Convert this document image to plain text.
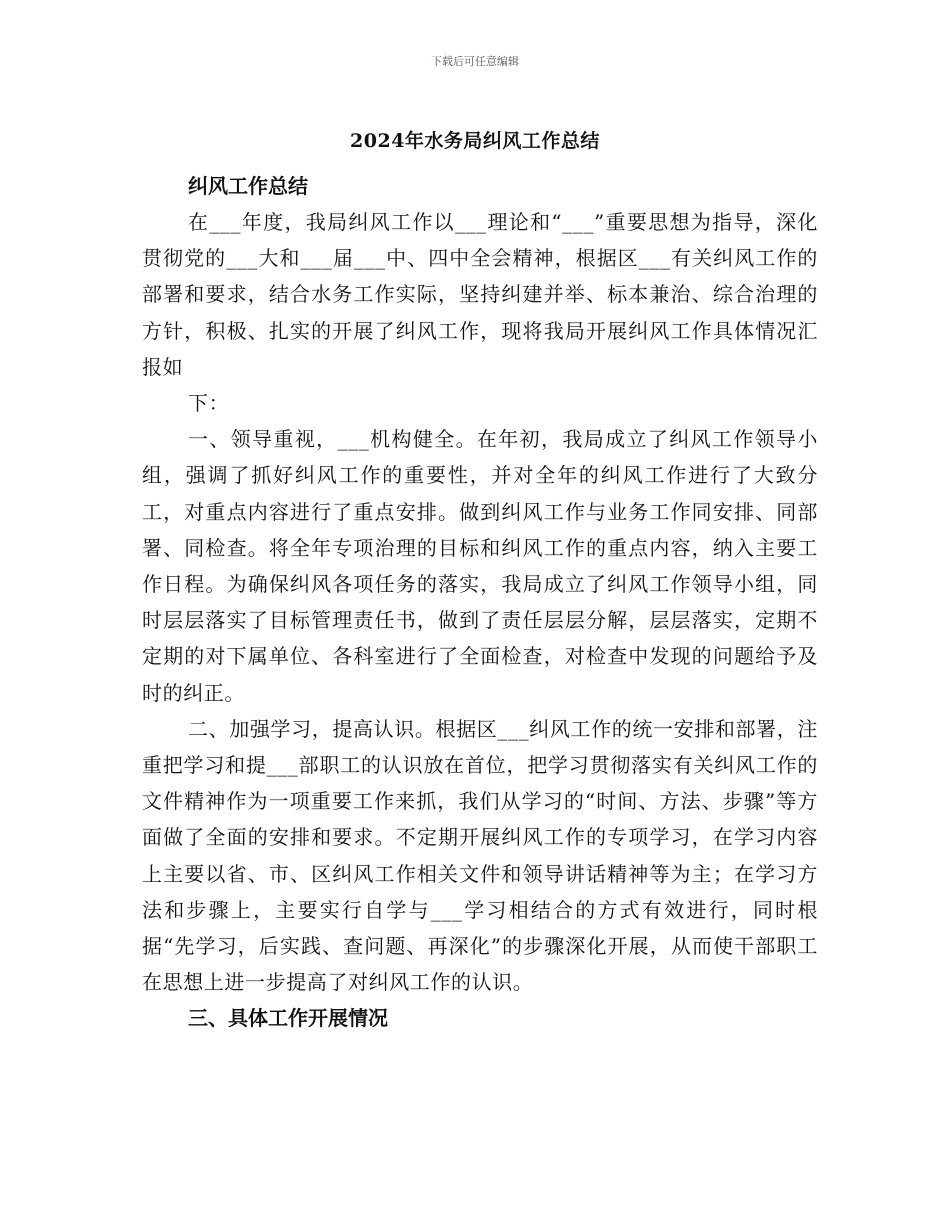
下载后可任意编辑
2024年水务局纠风工作总结

纠风工作总结

在___年度，我局纠风工作以___理论和“___”重要思想为指导，深化贯彻党的___大和___届___中、四中全会精神，根据区___有关纠风工作的部署和要求，结合水务工作实际，坚持纠建并举、标本兼治、综合治理的方针，积极、扎实的开展了纠风工作，现将我局开展纠风工作具体情况汇报如

下：

一、领导重视，___机构健全。在年初，我局成立了纠风工作领导小组，强调了抓好纠风工作的重要性，并对全年的纠风工作进行了大致分工，对重点内容进行了重点安排。做到纠风工作与业务工作同安排、同部署、同检查。将全年专项治理的目标和纠风工作的重点内容，纳入主要工作日程。为确保纠风各项任务的落实，我局成立了纠风工作领导小组，同时层层落实了目标管理责任书，做到了责任层层分解，层层落实，定期不定期的对下属单位、各科室进行了全面检查，对检查中发现的问题给予及时的纠正。

二、加强学习，提高认识。根据区___纠风工作的统一安排和部署，注重把学习和提___部职工的认识放在首位，把学习贯彻落实有关纠风工作的文件精神作为一项重要工作来抓，我们从学习的“时间、方法、步骤”等方面做了全面的安排和要求。不定期开展纠风工作的专项学习，在学习内容上主要以省、市、区纠风工作相关文件和领导讲话精神等为主；在学习方法和步骤上，主要实行自学与___学习相结合的方式有效进行，同时根据“先学习，后实践、查问题、再深化”的步骤深化开展，从而使干部职工在思想上进一步提高了对纠风工作的认识。

三、具体工作开展情况
